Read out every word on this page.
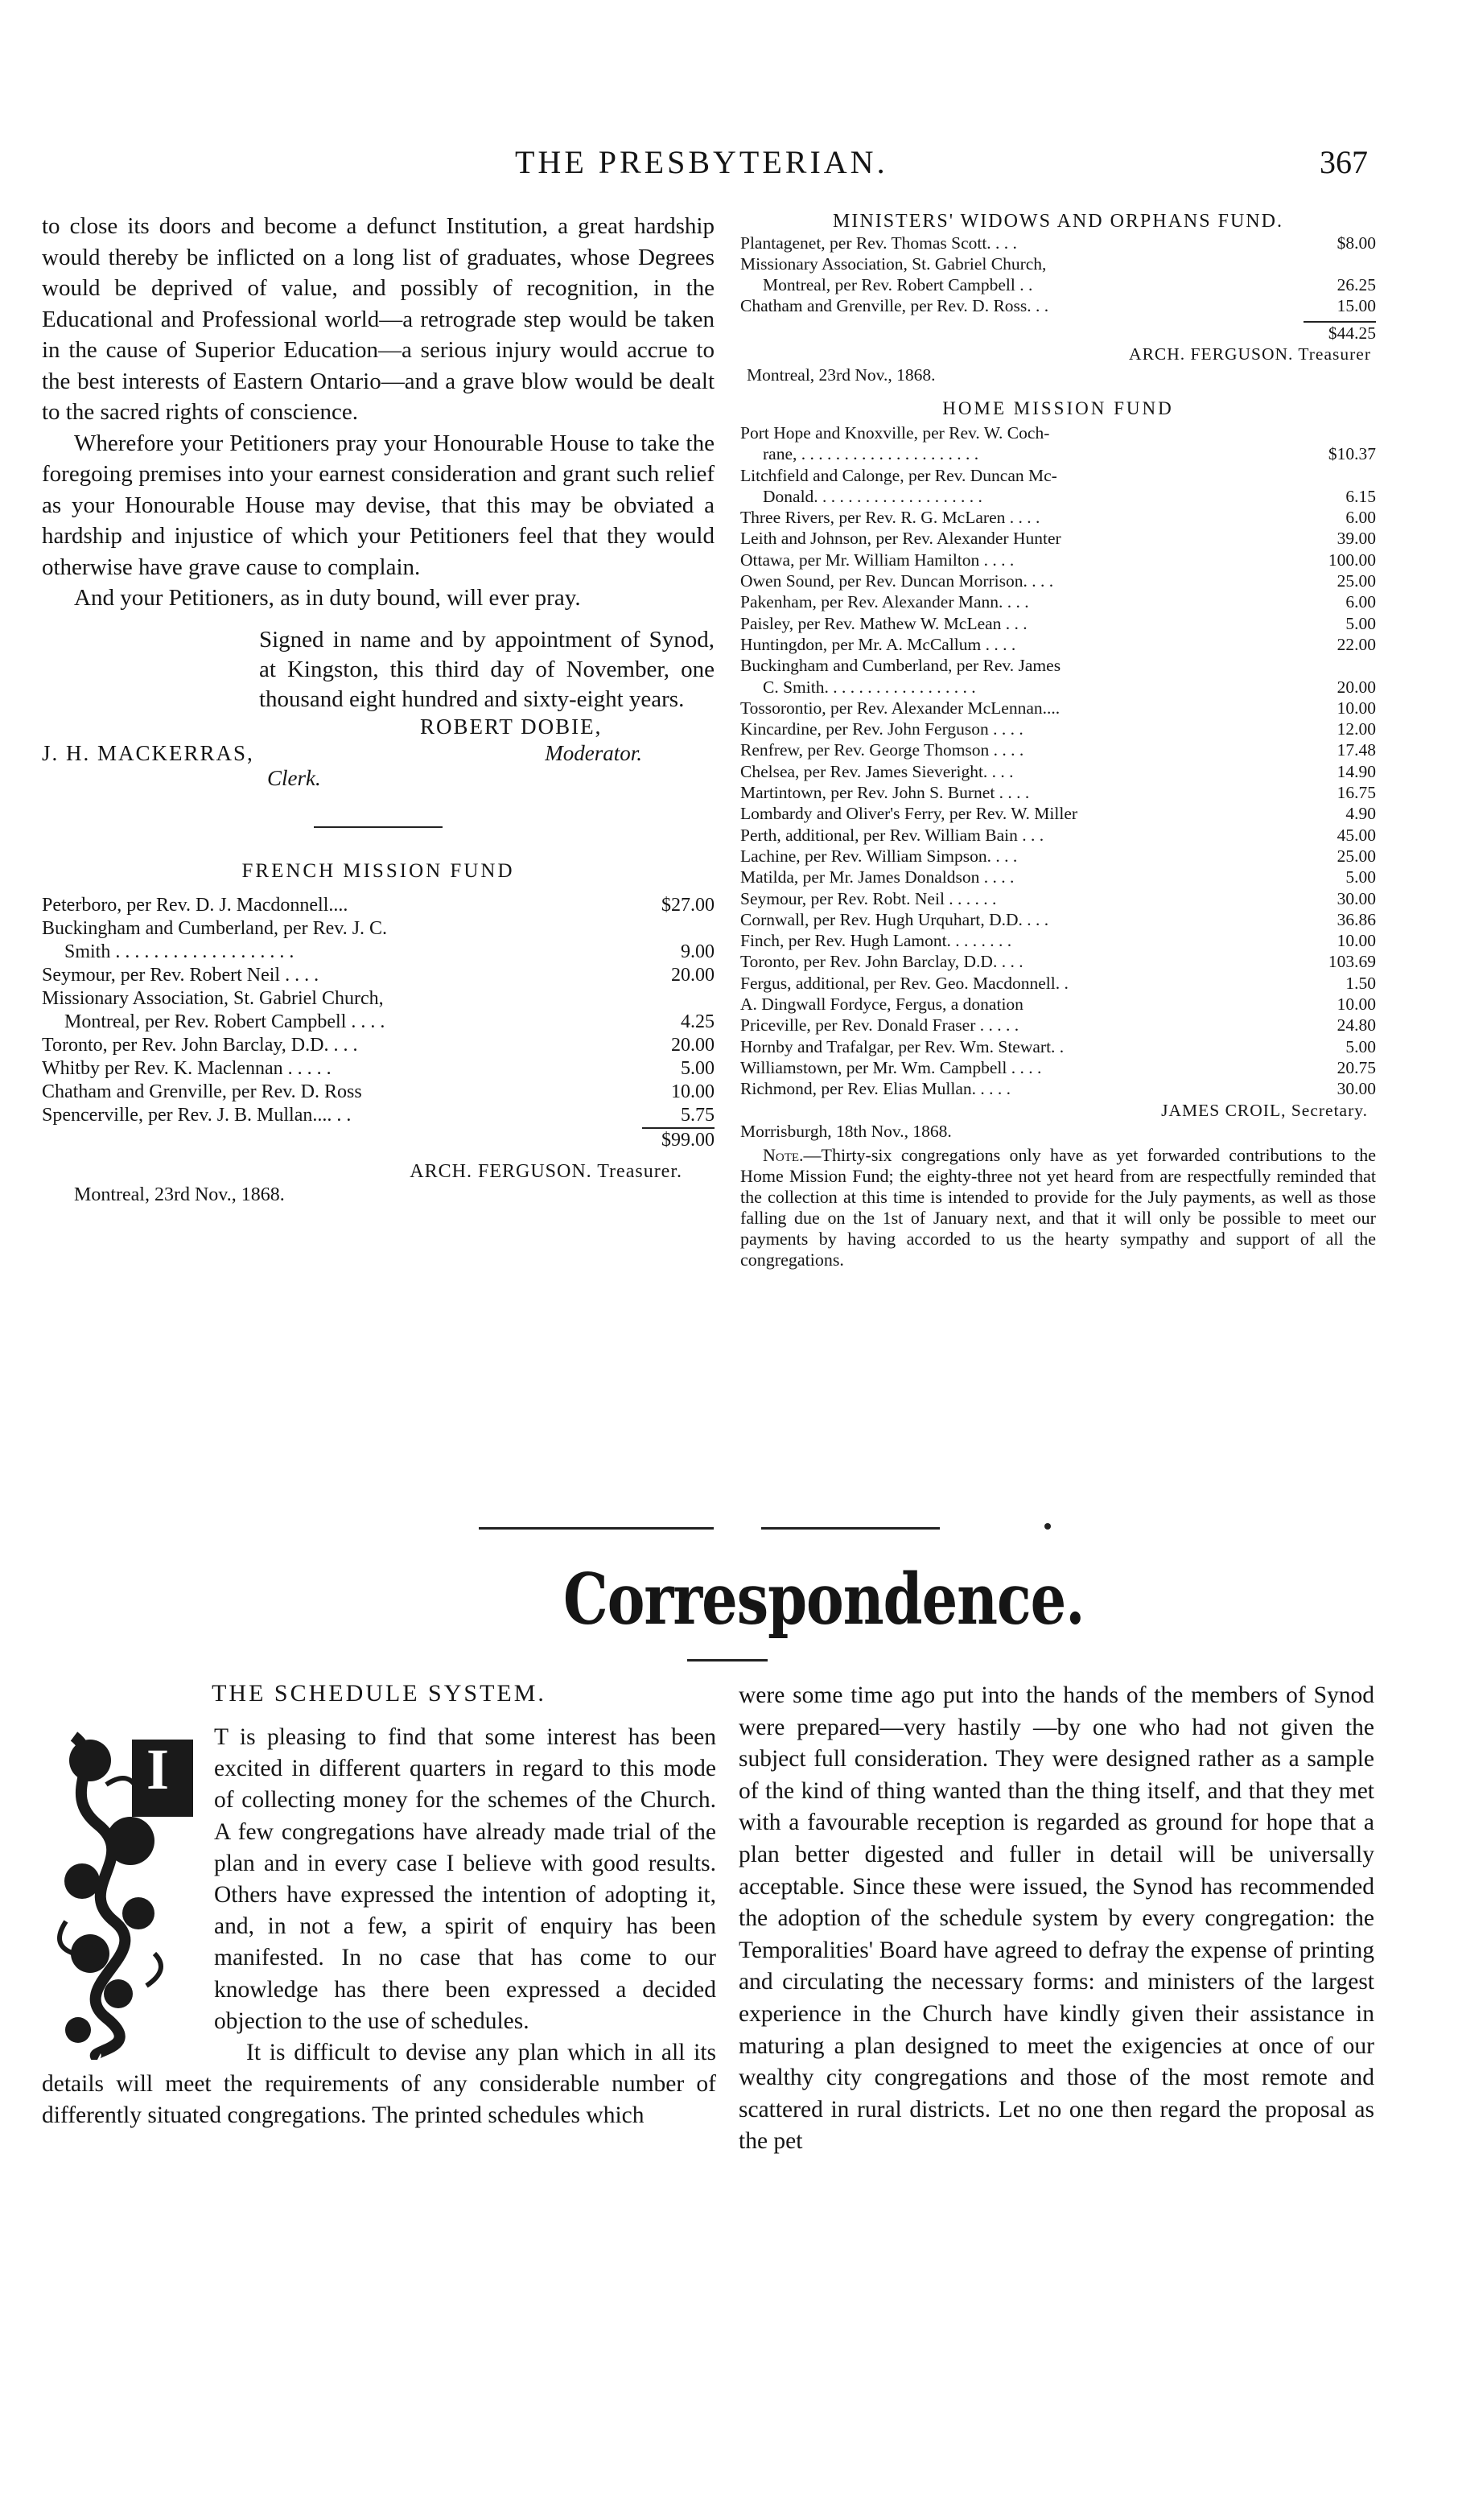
THE PRESBYTERIAN.	367

to close its doors and become a defunct Institution, a great hardship would thereby be inflicted on a long list of graduates, whose Degrees would be deprived of value, and possibly of recognition, in the Educational and Professional world—a retrograde step would be taken in the cause of Superior Education—a serious injury would accrue to the best interests of Eastern Ontario—and a grave blow would be dealt to the sacred rights of conscience.

Wherefore your Petitioners pray your Honourable House to take the foregoing premises into your earnest consideration and grant such relief as your Honourable House may devise, that this may be obviated a hardship and injustice of which your Petitioners feel that they would otherwise have grave cause to complain.

And your Petitioners, as in duty bound, will ever pray.

Signed in name and by appointment of Synod, at Kingston, this third day of November, one thousand eight hundred and sixty-eight years.
ROBERT DOBIE,
J. H. MACKERRAS,	Moderator.
Clerk.

FRENCH MISSION FUND

Peterboro, per Rev. D. J. Macdonnell....	$27.00
Buckingham and Cumberland, per Rev. J. C.
Smith . . . . . . . . . . . . . . . . . . .	9.00
Seymour, per Rev. Robert Neil . . . .	20.00
Missionary Association, St. Gabriel Church,
Montreal, per Rev. Robert Campbell . . . .	4.25
Toronto, per Rev. John Barclay, D.D. . . .	20.00
Whitby per Rev. K. Maclennan . . . . .	5.00
Chatham and Grenville, per Rev. D. Ross	10.00
Spencerville, per Rev. J. B. Mullan.... . .	5.75
$99.00
ARCH. FERGUSON. Treasurer.
Montreal, 23rd Nov., 1868.

MINISTERS' WIDOWS AND ORPHANS FUND.

Plantagenet, per Rev. Thomas Scott. . . .	$8.00
Missionary Association, St. Gabriel Church,
Montreal, per Rev. Robert Campbell . .	26.25
Chatham and Grenville, per Rev. D. Ross. . .	15.00
$44.25
ARCH. FERGUSON. Treasurer
Montreal, 23rd Nov., 1868.

HOME MISSION FUND

Port Hope and Knoxville, per Rev. W. Coch-
rane, . . . . . . . . . . . . . . . . . . . . .	$10.37
Litchfield and Calonge, per Rev. Duncan Mc-
Donald. . . . . . . . . . . . . . . . . . . .	6.15
Three Rivers, per Rev. R. G. McLaren . . . .	6.00
Leith and Johnson, per Rev. Alexander Hunter	39.00
Ottawa, per Mr. William Hamilton . . . .	100.00
Owen Sound, per Rev. Duncan Morrison. . . .	25.00
Pakenham, per Rev. Alexander Mann. . . .	6.00
Paisley, per Rev. Mathew W. McLean . . .	5.00
Huntingdon, per Mr. A. McCallum . . . .	22.00
Buckingham and Cumberland, per Rev. James
C. Smith. . . . . . . . . . . . . . . . . .	20.00
Tossorontio, per Rev. Alexander McLennan....	10.00
Kincardine, per Rev. John Ferguson . . . .	12.00
Renfrew, per Rev. George Thomson . . . .	17.48
Chelsea, per Rev. James Sieveright. . . .	14.90
Martintown, per Rev. John S. Burnet . . . .	16.75
Lombardy and Oliver's Ferry, per Rev. W. Miller	4.90
Perth, additional, per Rev. William Bain . . .	45.00
Lachine, per Rev. William Simpson. . . .	25.00
Matilda, per Mr. James Donaldson . . . .	5.00
Seymour, per Rev. Robt. Neil . . . . . .	30.00
Cornwall, per Rev. Hugh Urquhart, D.D. . . .	36.86
Finch, per Rev. Hugh Lamont. . . . . . . .	10.00
Toronto, per Rev. John Barclay, D.D. . . .	103.69
Fergus, additional, per Rev. Geo. Macdonnell. .	1.50
A. Dingwall Fordyce, Fergus, a donation	10.00
Priceville, per Rev. Donald Fraser . . . . .	24.80
Hornby and Trafalgar, per Rev. Wm. Stewart. .	5.00
Williamstown, per Mr. Wm. Campbell . . . .	20.75
Richmond, per Rev. Elias Mullan. . . . .	30.00
JAMES CROIL, Secretary.
Morrisburgh, 18th Nov., 1868.
Note.—Thirty-six congregations only have as yet forwarded contributions to the Home Mission Fund; the eighty-three not yet heard from are respectfully reminded that the collection at this time is intended to provide for the July payments, as well as those falling due on the 1st of January next, and that it will only be possible to meet our payments by having accorded to us the hearty sympathy and support of all the congregations.
Correspondence.

THE SCHEDULE SYSTEM.

I	T is pleasing to find that some interest has been excited in different quarters in regard to this mode of collecting money for the schemes of the Church. A few congregations have already made trial of the plan and in every case I believe with good results. Others have expressed the intention of adopting it, and, in not a few, a spirit of enquiry has been manifested. In no case that has come to our knowledge has there been expressed a decided objection to the use of schedules.

It is difficult to devise any plan which in all its details will meet the requirements of any considerable number of differently situated congregations. The printed schedules which

were some time ago put into the hands of the members of Synod were prepared—very hastily —by one who had not given the subject full consideration. They were designed rather as a sample of the kind of thing wanted than the thing itself, and that they met with a favourable reception is regarded as ground for hope that a plan better digested and fuller in detail will be universally acceptable. Since these were issued, the Synod has recommended the adoption of the schedule system by every congregation: the Temporalities' Board have agreed to defray the expense of printing and circulating the necessary forms: and ministers of the largest experience in the Church have kindly given their assistance in maturing a plan designed to meet the exigencies at once of our wealthy city congregations and those of the most remote and scattered in rural districts. Let no one then regard the proposal as the pet
